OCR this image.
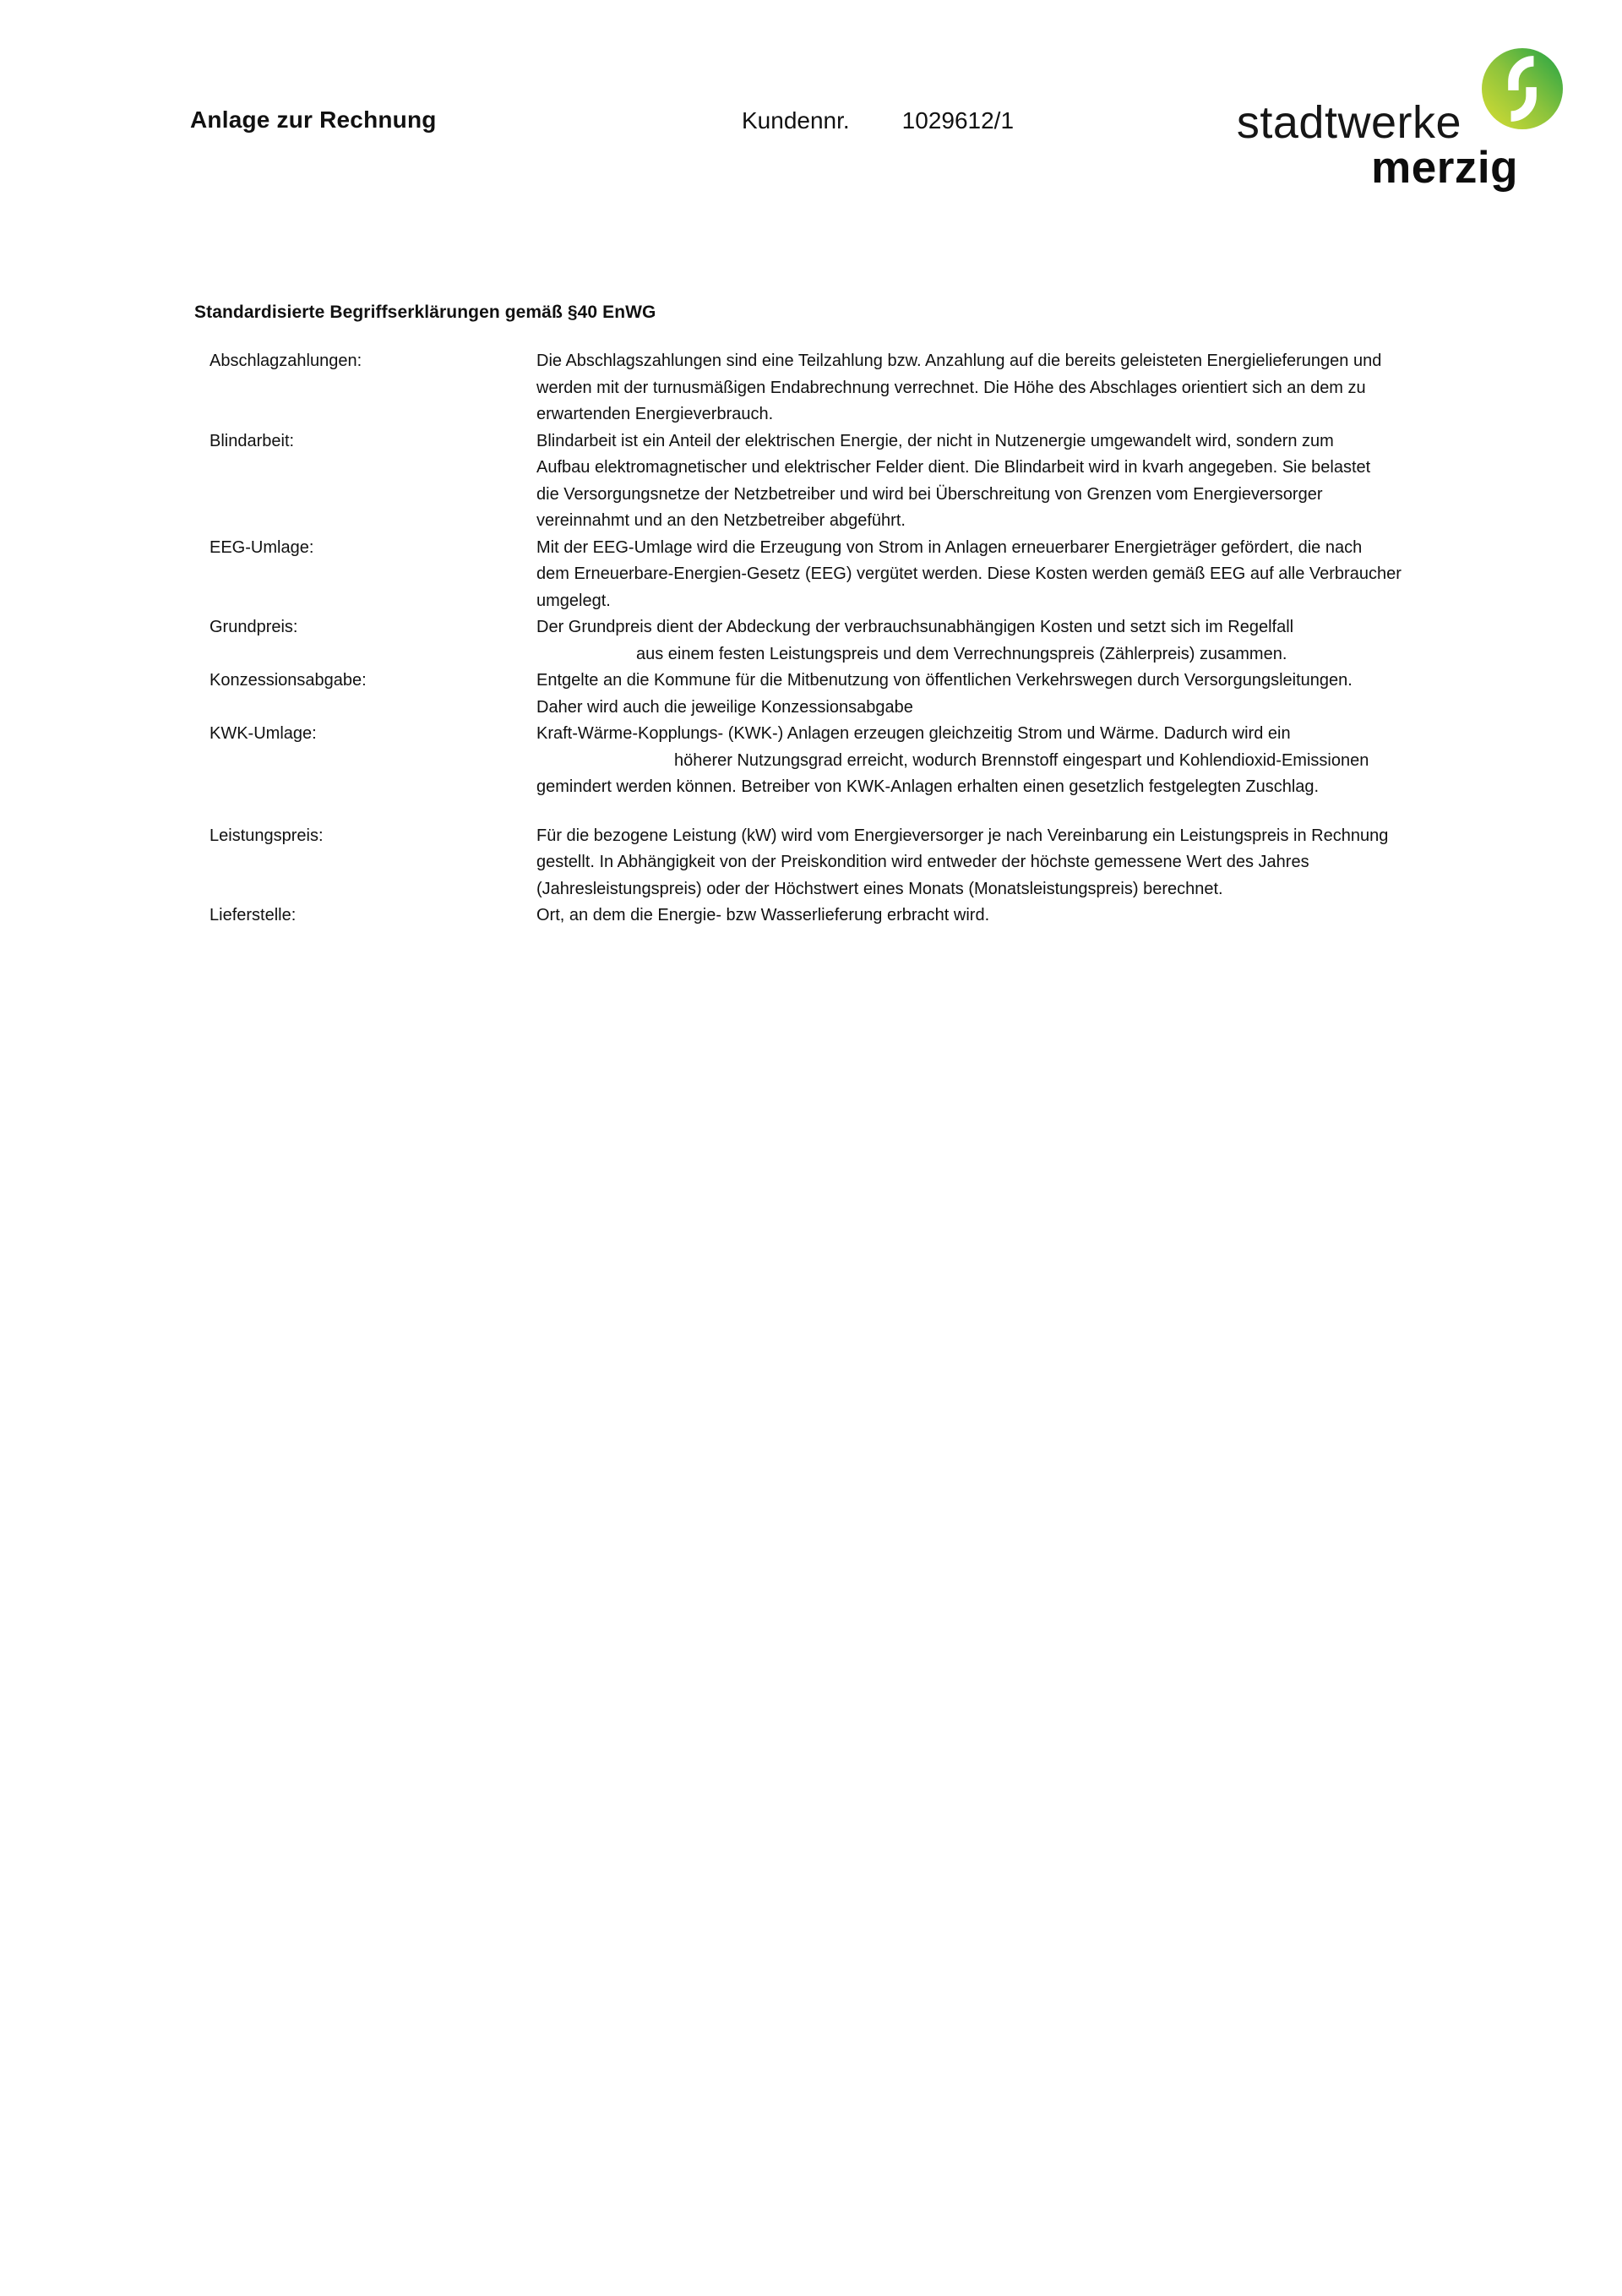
Anlage zur Rechnung	Kundennr. 1029612/1	stadtwerke
merzig
Standardisierte Begriffserklärungen gemäß §40 EnWG
Abschlagzahlungen:	Die Abschlagszahlungen sind eine Teilzahlung bzw. Anzahlung auf die bereits geleisteten Energielieferungen und
werden mit der turnusmäßigen Endabrechnung verrechnet. Die Höhe des Abschlages orientiert sich an dem zu
erwartenden Energieverbrauch.
Blindarbeit:	Blindarbeit ist ein Anteil der elektrischen Energie, der nicht in Nutzenergie umgewandelt wird, sondern zum
Aufbau elektromagnetischer und elektrischer Felder dient. Die Blindarbeit wird in kvarh angegeben. Sie belastet
die Versorgungsnetze der Netzbetreiber und wird bei Überschreitung von Grenzen vom Energieversorger
vereinnahmt und an den Netzbetreiber abgeführt.
EEG-Umlage:	Mit der EEG-Umlage wird die Erzeugung von Strom in Anlagen erneuerbarer Energieträger gefördert, die nach
dem Erneuerbare-Energien-Gesetz (EEG) vergütet werden. Diese Kosten werden gemäß EEG auf alle Verbraucher
umgelegt.
Grundpreis:	Der Grundpreis dient der Abdeckung der verbrauchsunabhängigen Kosten und setzt sich im Regelfall
aus einem festen Leistungspreis und dem Verrechnungspreis (Zählerpreis) zusammen.
Konzessionsabgabe:	Entgelte an die Kommune für die Mitbenutzung von öffentlichen Verkehrswegen durch Versorgungsleitungen.
Daher wird auch die jeweilige Konzessionsabgabe
KWK-Umlage:	Kraft-Wärme-Kopplungs- (KWK-) Anlagen erzeugen gleichzeitig Strom und Wärme. Dadurch wird ein
höherer Nutzungsgrad erreicht, wodurch Brennstoff eingespart und Kohlendioxid-Emissionen
gemindert werden können. Betreiber von KWK-Anlagen erhalten einen gesetzlich festgelegten Zuschlag.
Leistungspreis:	Für die bezogene Leistung (kW) wird vom Energieversorger je nach Vereinbarung ein Leistungspreis in Rechnung
gestellt. In Abhängigkeit von der Preiskondition wird entweder der höchste gemessene Wert des Jahres
(Jahresleistungspreis) oder der Höchstwert eines Monats (Monatsleistungspreis) berechnet.
Lieferstelle:	Ort, an dem die Energie- bzw Wasserlieferung erbracht wird.
